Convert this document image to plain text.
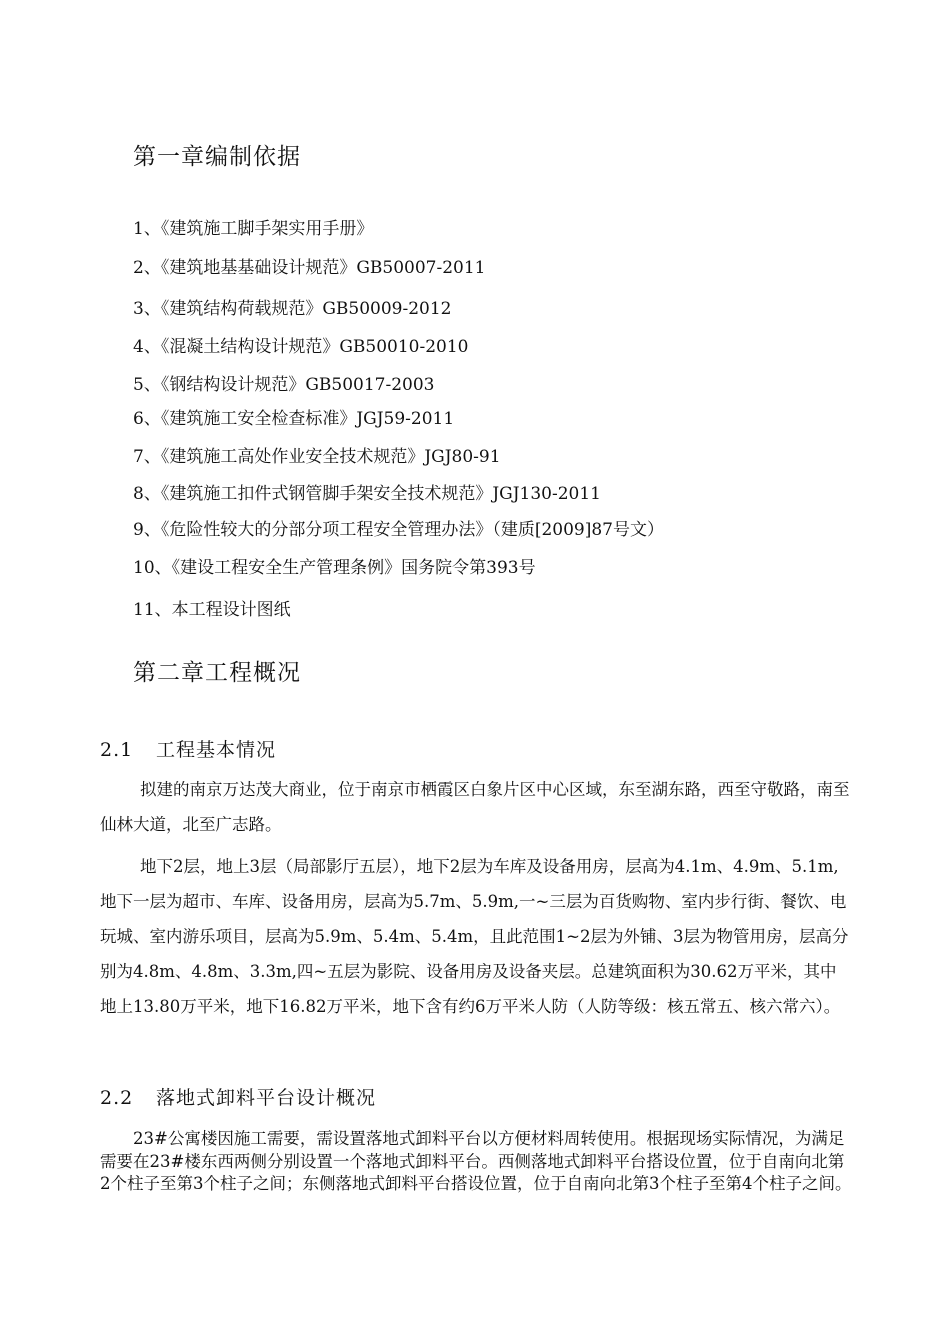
第一章编制依据
1、《建筑施工脚手架实用手册》
2、《建筑地基基础设计规范》GB50007-2011
3、《建筑结构荷载规范》GB50009-2012
4、《混凝土结构设计规范》GB50010-2010
5、《钢结构设计规范》GB50017-2003
6、《建筑施工安全检查标准》JGJ59-2011
7、《建筑施工高处作业安全技术规范》JGJ80-91
8、《建筑施工扣件式钢管脚手架安全技术规范》JGJ130-2011
9、《危险性较大的分部分项工程安全管理办法》（建质[2009]87号文）
10、《建设工程安全生产管理条例》国务院令第393号
11、本工程设计图纸
第二章工程概况
2.1 工程基本情况

拟建的南京万达茂大商业，位于南京市栖霞区白象片区中心区域，东至湖东路，西至守敬路，南至仙林大道，北至广志路。

地下2层，地上3层（局部影厅五层），地下2层为车库及设备用房，层高为4.1m、4.9m、5.1m,地下一层为超市、车库、设备用房，层高为5.7m、5.9m,一~三层为百货购物、室内步行街、餐饮、电玩城、室内游乐项目，层高为5.9m、5.4m、5.4m，且此范围1~2层为外铺、3层为物管用房，层高分别为4.8m、4.8m、3.3m,四~五层为影院、设备用房及设备夹层。总建筑面积为30.62万平米，其中地上13.80万平米，地下16.82万平米，地下含有约6万平米人防（人防等级：核五常五、核六常六）。

2.2 落地式卸料平台设计概况

23#公寓楼因施工需要，需设置落地式卸料平台以方便材料周转使用。根据现场实际情况，为满足需要在23#楼东西两侧分别设置一个落地式卸料平台。西侧落地式卸料平台搭设位置，位于自南向北第2个柱子至第3个柱子之间；东侧落地式卸料平台搭设位置，位于自南向北第3个柱子至第4个柱子之间。
